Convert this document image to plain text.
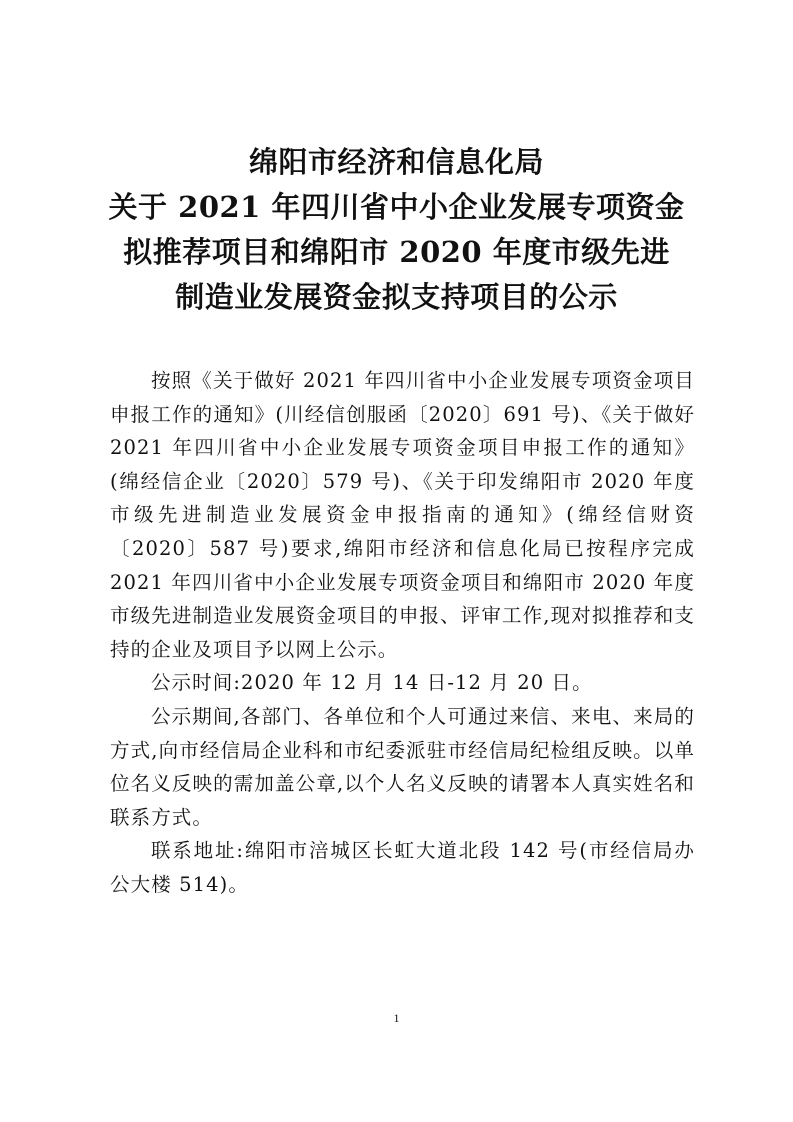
绵阳市经济和信息化局
关于 2021 年四川省中小企业发展专项资金
拟推荐项目和绵阳市 2020 年度市级先进
制造业发展资金拟支持项目的公示

按照《关于做好 2021 年四川省中小企业发展专项资金项目申报工作的通知》(川经信创服函〔2020〕691 号)、《关于做好 2021 年四川省中小企业发展专项资金项目申报工作的通知》(绵经信企业〔2020〕579 号)、《关于印发绵阳市 2020 年度市级先进制造业发展资金申报指南的通知》(绵经信财资〔2020〕587 号)要求,绵阳市经济和信息化局已按程序完成 2021 年四川省中小企业发展专项资金项目和绵阳市 2020 年度市级先进制造业发展资金项目的申报、评审工作,现对拟推荐和支持的企业及项目予以网上公示。

公示时间:2020 年 12 月 14 日-12 月 20 日。

公示期间,各部门、各单位和个人可通过来信、来电、来局的方式,向市经信局企业科和市纪委派驻市经信局纪检组反映。以单位名义反映的需加盖公章,以个人名义反映的请署本人真实姓名和联系方式。

联系地址:绵阳市涪城区长虹大道北段 142 号(市经信局办公大楼 514)。

1
